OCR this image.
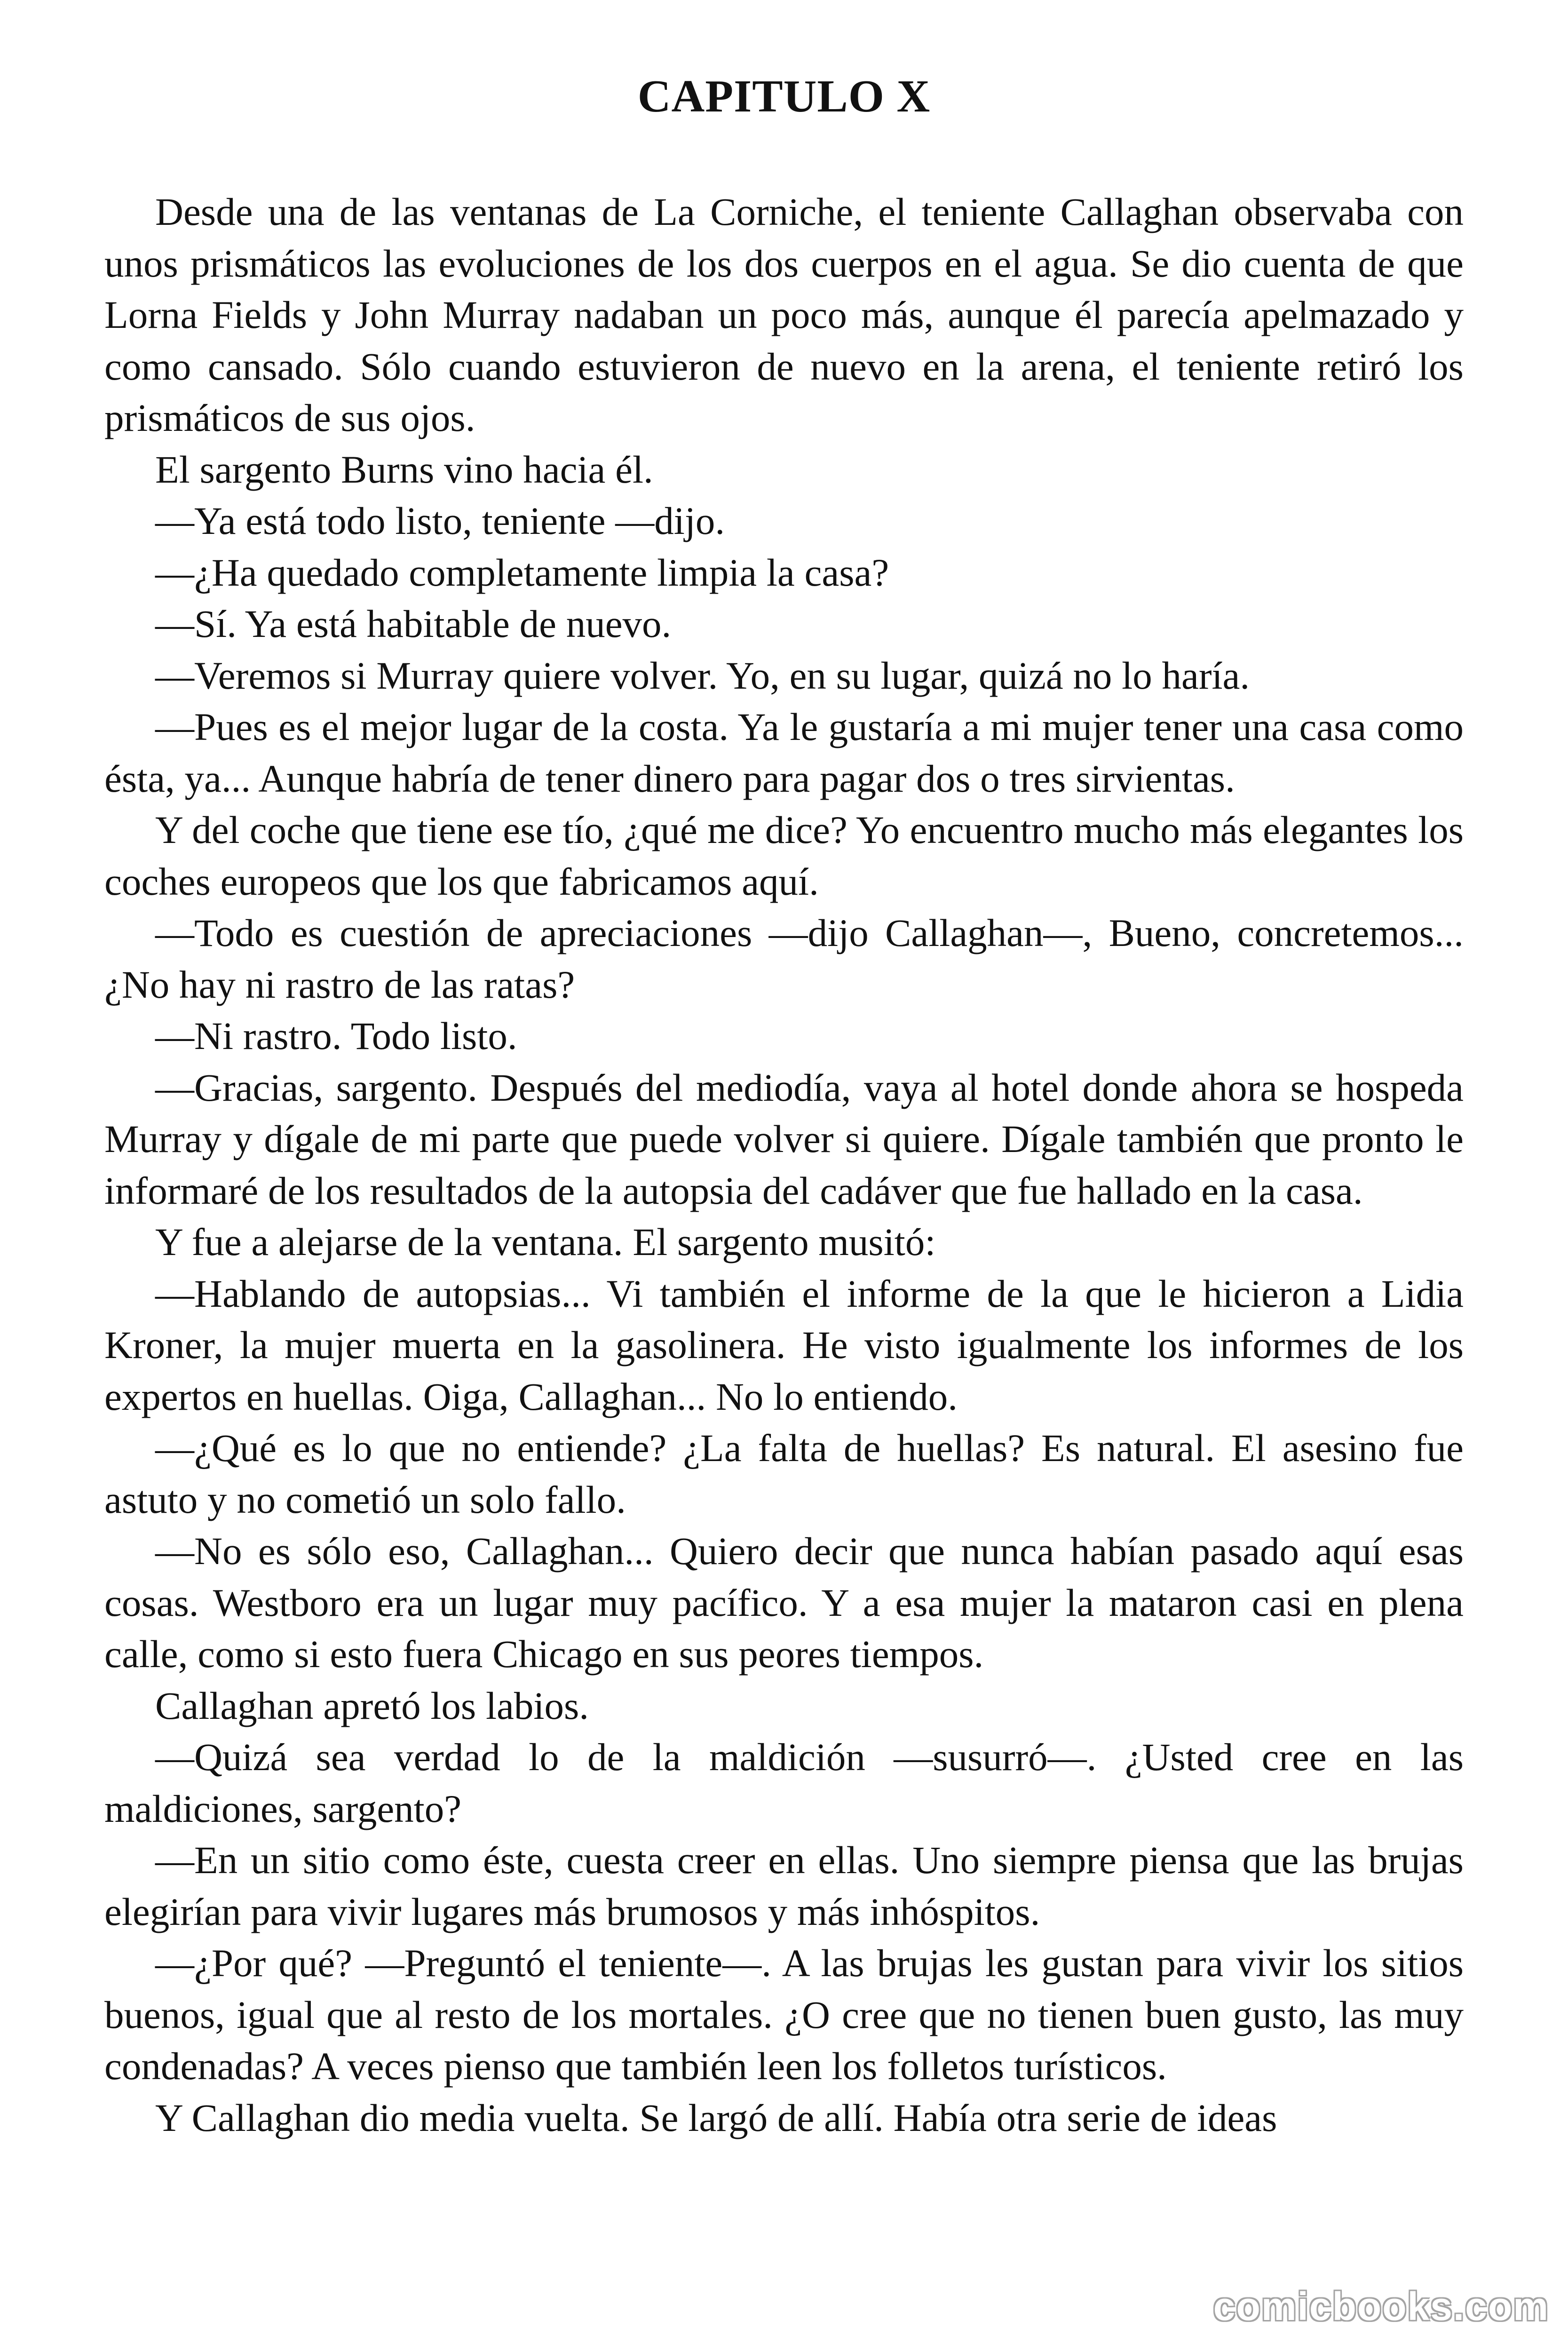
CAPITULO X

Desde una de las ventanas de La Corniche, el teniente Callaghan observaba con unos prismáticos las evoluciones de los dos cuerpos en el agua. Se dio cuenta de que Lorna Fields y John Murray nadaban un poco más, aunque él parecía apelmazado y como cansado. Sólo cuando estuvieron de nuevo en la arena, el teniente retiró los prismáticos de sus ojos.

El sargento Burns vino hacia él.

—Ya está todo listo, teniente —dijo.

—¿Ha quedado completamente limpia la casa?

—Sí. Ya está habitable de nuevo.

—Veremos si Murray quiere volver. Yo, en su lugar, quizá no lo haría.

—Pues es el mejor lugar de la costa. Ya le gustaría a mi mujer tener una casa como ésta, ya... Aunque habría de tener dinero para pagar dos o tres sirvientas.

Y del coche que tiene ese tío, ¿qué me dice? Yo encuentro mucho más elegantes los coches europeos que los que fabricamos aquí.

—Todo es cuestión de apreciaciones —dijo Callaghan—, Bueno, concretemos... ¿No hay ni rastro de las ratas?

—Ni rastro. Todo listo.

—Gracias, sargento. Después del mediodía, vaya al hotel donde ahora se hospeda Murray y dígale de mi parte que puede volver si quiere. Dígale también que pronto le informaré de los resultados de la autopsia del cadáver que fue hallado en la casa.

Y fue a alejarse de la ventana. El sargento musitó:

—Hablando de autopsias... Vi también el informe de la que le hicieron a Lidia Kroner, la mujer muerta en la gasolinera. He visto igualmente los informes de los expertos en huellas. Oiga, Callaghan... No lo entiendo.

—¿Qué es lo que no entiende? ¿La falta de huellas? Es natural. El asesino fue astuto y no cometió un solo fallo.

—No es sólo eso, Callaghan... Quiero decir que nunca habían pasado aquí esas cosas. Westboro era un lugar muy pacífico. Y a esa mujer la mataron casi en plena calle, como si esto fuera Chicago en sus peores tiempos.

Callaghan apretó los labios.

—Quizá sea verdad lo de la maldición —susurró—. ¿Usted cree en las maldiciones, sargento?

—En un sitio como éste, cuesta creer en ellas. Uno siempre piensa que las brujas elegirían para vivir lugares más brumosos y más inhóspitos.

—¿Por qué? —Preguntó el teniente—. A las brujas les gustan para vivir los sitios buenos, igual que al resto de los mortales. ¿O cree que no tienen buen gusto, las muy condenadas? A veces pienso que también leen los folletos turísticos.

Y Callaghan dio media vuelta. Se largó de allí. Había otra serie de ideas

comicbooks.com
